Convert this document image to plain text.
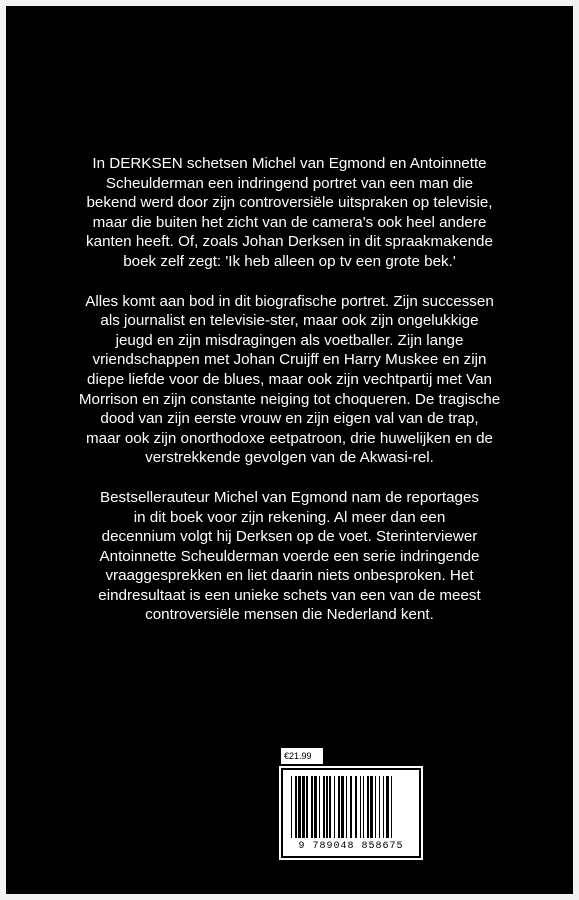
In DERKSEN schetsen Michel van Egmond en Antoinnette
Scheulderman een indringend portret van een man die
bekend werd door zijn controversiële uitspraken op televisie,
maar die buiten het zicht van de camera's ook heel andere
kanten heeft. Of, zoals Johan Derksen in dit spraakmakende
boek zelf zegt: 'Ik heb alleen op tv een grote bek.'

Alles komt aan bod in dit biografische portret. Zijn successen
als journalist en televisie-ster, maar ook zijn ongelukkige
jeugd en zijn misdragingen als voetballer. Zijn lange
vriendschappen met Johan Cruijff en Harry Muskee en zijn
diepe liefde voor de blues, maar ook zijn vechtpartij met Van
Morrison en zijn constante neiging tot choqueren. De tragische
dood van zijn eerste vrouw en zijn eigen val van de trap,
maar ook zijn onorthodoxe eetpatroon, drie huwelijken en de
verstrekkende gevolgen van de Akwasi-rel.

Bestsellerauteur Michel van Egmond nam de reportages
in dit boek voor zijn rekening. Al meer dan een
decennium volgt hij Derksen op de voet. Sterinterviewer
Antoinnette Scheulderman voerde een serie indringende
vraaggesprekken en liet daarin niets onbesproken. Het
eindresultaat is een unieke schets van een van de meest
controversiële mensen die Nederland kent.

€21.99
9 789048 858675
